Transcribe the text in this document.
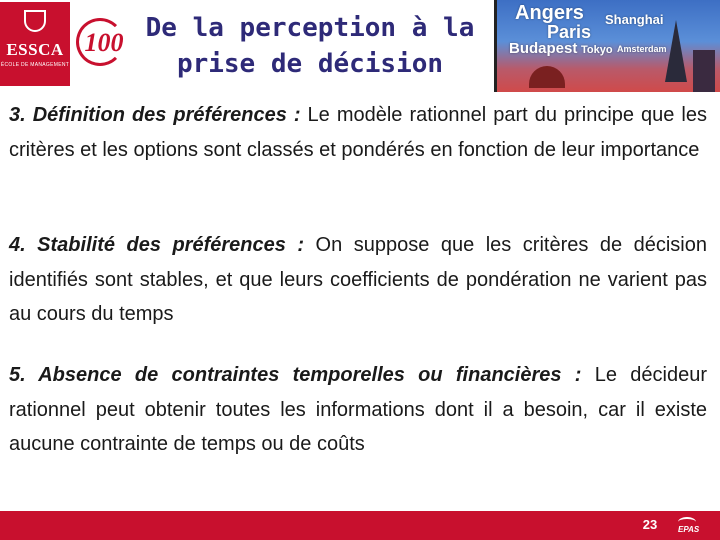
ESSCA
ÉCOLE DE MANAGEMENT
100 De la perception à la
prise de décision
Angers Shanghai
Paris
Budapest Tokyo Amsterdam

3. Définition des préférences : Le modèle rationnel part du principe que les critères et les options sont classés et pondérés en fonction de leur importance

4. Stabilité des préférences : On suppose que les critères de décision identifiés sont stables, et que leurs coefficients de pondération ne varient pas au cours du temps

5. Absence de contraintes temporelles ou financières : Le décideur rationnel peut obtenir toutes les informations dont il a besoin, car il existe aucune contrainte de temps ou de coûts

23	EPAS
